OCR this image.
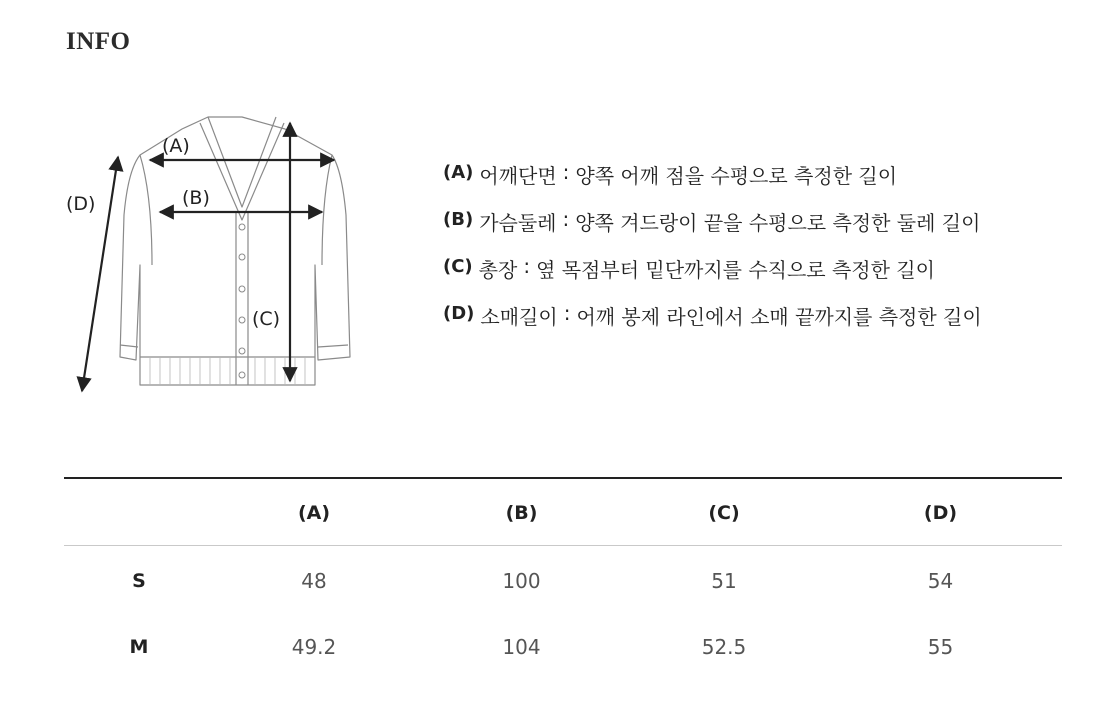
INFO
(A)
(B)
(C)
(D)
(A) 어깨단면 : 양쪽 어깨 점을 수평으로 측정한 길이
(B) 가슴둘레 : 양쪽 겨드랑이 끝을 수평으로 측정한 둘레 길이
(C) 총장 : 옆 목점부터 밑단까지를 수직으로 측정한 길이
(D) 소매길이 : 어깨 봉제 라인에서 소매 끝까지를 측정한 길이
	(A)	(B)	(C)	(D)
S	48	100	51	54
M	49.2	104	52.5	55
